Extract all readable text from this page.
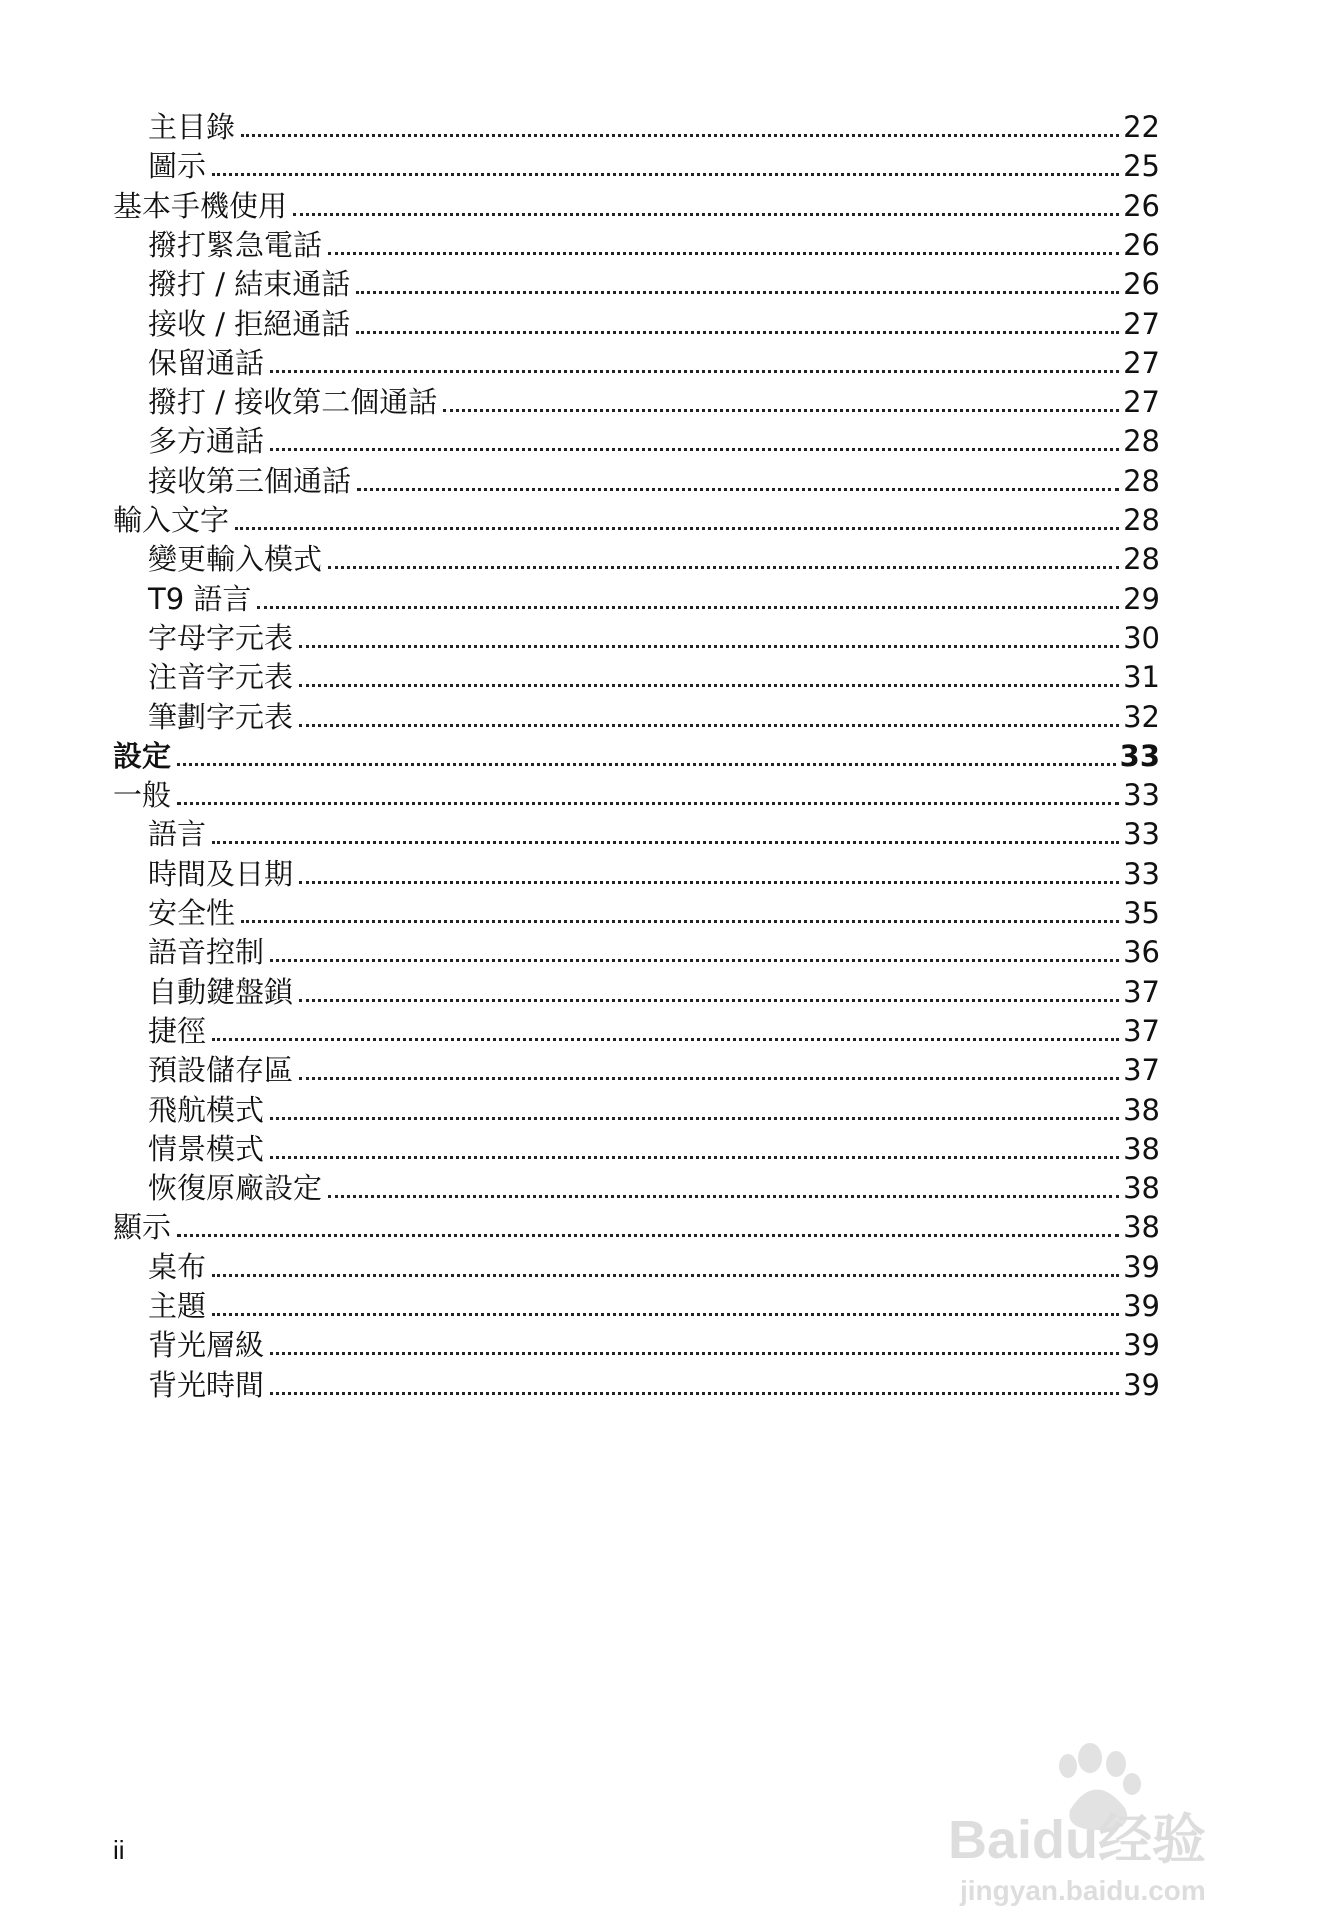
主目錄	22
圖示	25
基本手機使用	26
撥打緊急電話	26
撥打 / 結束通話	26
接收 / 拒絕通話	27
保留通話	27
撥打 / 接收第二個通話	27
多方通話	28
接收第三個通話	28
輸入文字	28
變更輸入模式	28
T9 語言	29
字母字元表	30
注音字元表	31
筆劃字元表	32
設定	33
一般	33
語言	33
時間及日期	33
安全性	35
語音控制	36
自動鍵盤鎖	37
捷徑	37
預設儲存區	37
飛航模式	38
情景模式	38
恢復原廠設定	38
顯示	38
桌布	39
主題	39
背光層級	39
背光時間	39
ii	Baidu经验
jingyan.baidu.com
